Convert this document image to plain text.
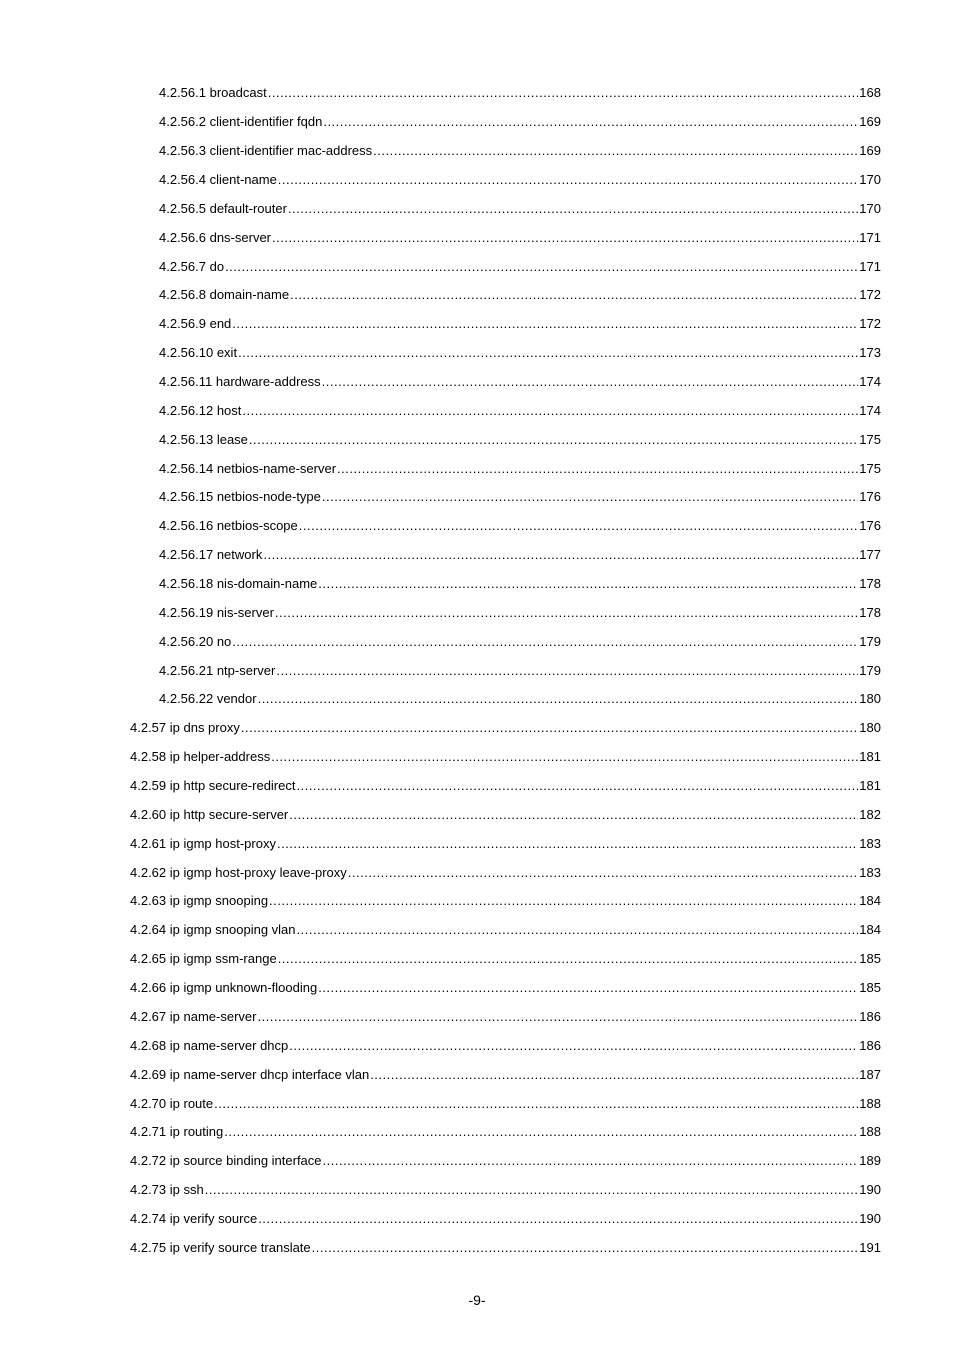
4.2.56.1 broadcast .....	168
4.2.56.2 client-identifier fqdn .....	169
4.2.56.3 client-identifier mac-address .....	169
4.2.56.4 client-name .....	170
4.2.56.5 default-router .....	170
4.2.56.6 dns-server .....	171
4.2.56.7 do .....	171
4.2.56.8 domain-name .....	172
4.2.56.9 end .....	172
4.2.56.10 exit .....	173
4.2.56.11 hardware-address .....	174
4.2.56.12 host .....	174
4.2.56.13 lease .....	175
4.2.56.14 netbios-name-server .....	175
4.2.56.15 netbios-node-type .....	176
4.2.56.16 netbios-scope .....	176
4.2.56.17 network .....	177
4.2.56.18 nis-domain-name .....	178
4.2.56.19 nis-server .....	178
4.2.56.20 no .....	179
4.2.56.21 ntp-server .....	179
4.2.56.22 vendor .....	180
4.2.57 ip dns proxy .....	180
4.2.58 ip helper-address .....	181
4.2.59 ip http secure-redirect .....	181
4.2.60 ip http secure-server .....	182
4.2.61 ip igmp host-proxy .....	183
4.2.62 ip igmp host-proxy leave-proxy .....	183
4.2.63 ip igmp snooping .....	184
4.2.64 ip igmp snooping vlan .....	184
4.2.65 ip igmp ssm-range .....	185
4.2.66 ip igmp unknown-flooding .....	185
4.2.67 ip name-server .....	186
4.2.68 ip name-server dhcp .....	186
4.2.69 ip name-server dhcp interface vlan .....	187
4.2.70 ip route .....	188
4.2.71 ip routing .....	188
4.2.72 ip source binding interface .....	189
4.2.73 ip ssh .....	190
4.2.74 ip verify source .....	190
4.2.75 ip verify source translate .....	191
-9-
